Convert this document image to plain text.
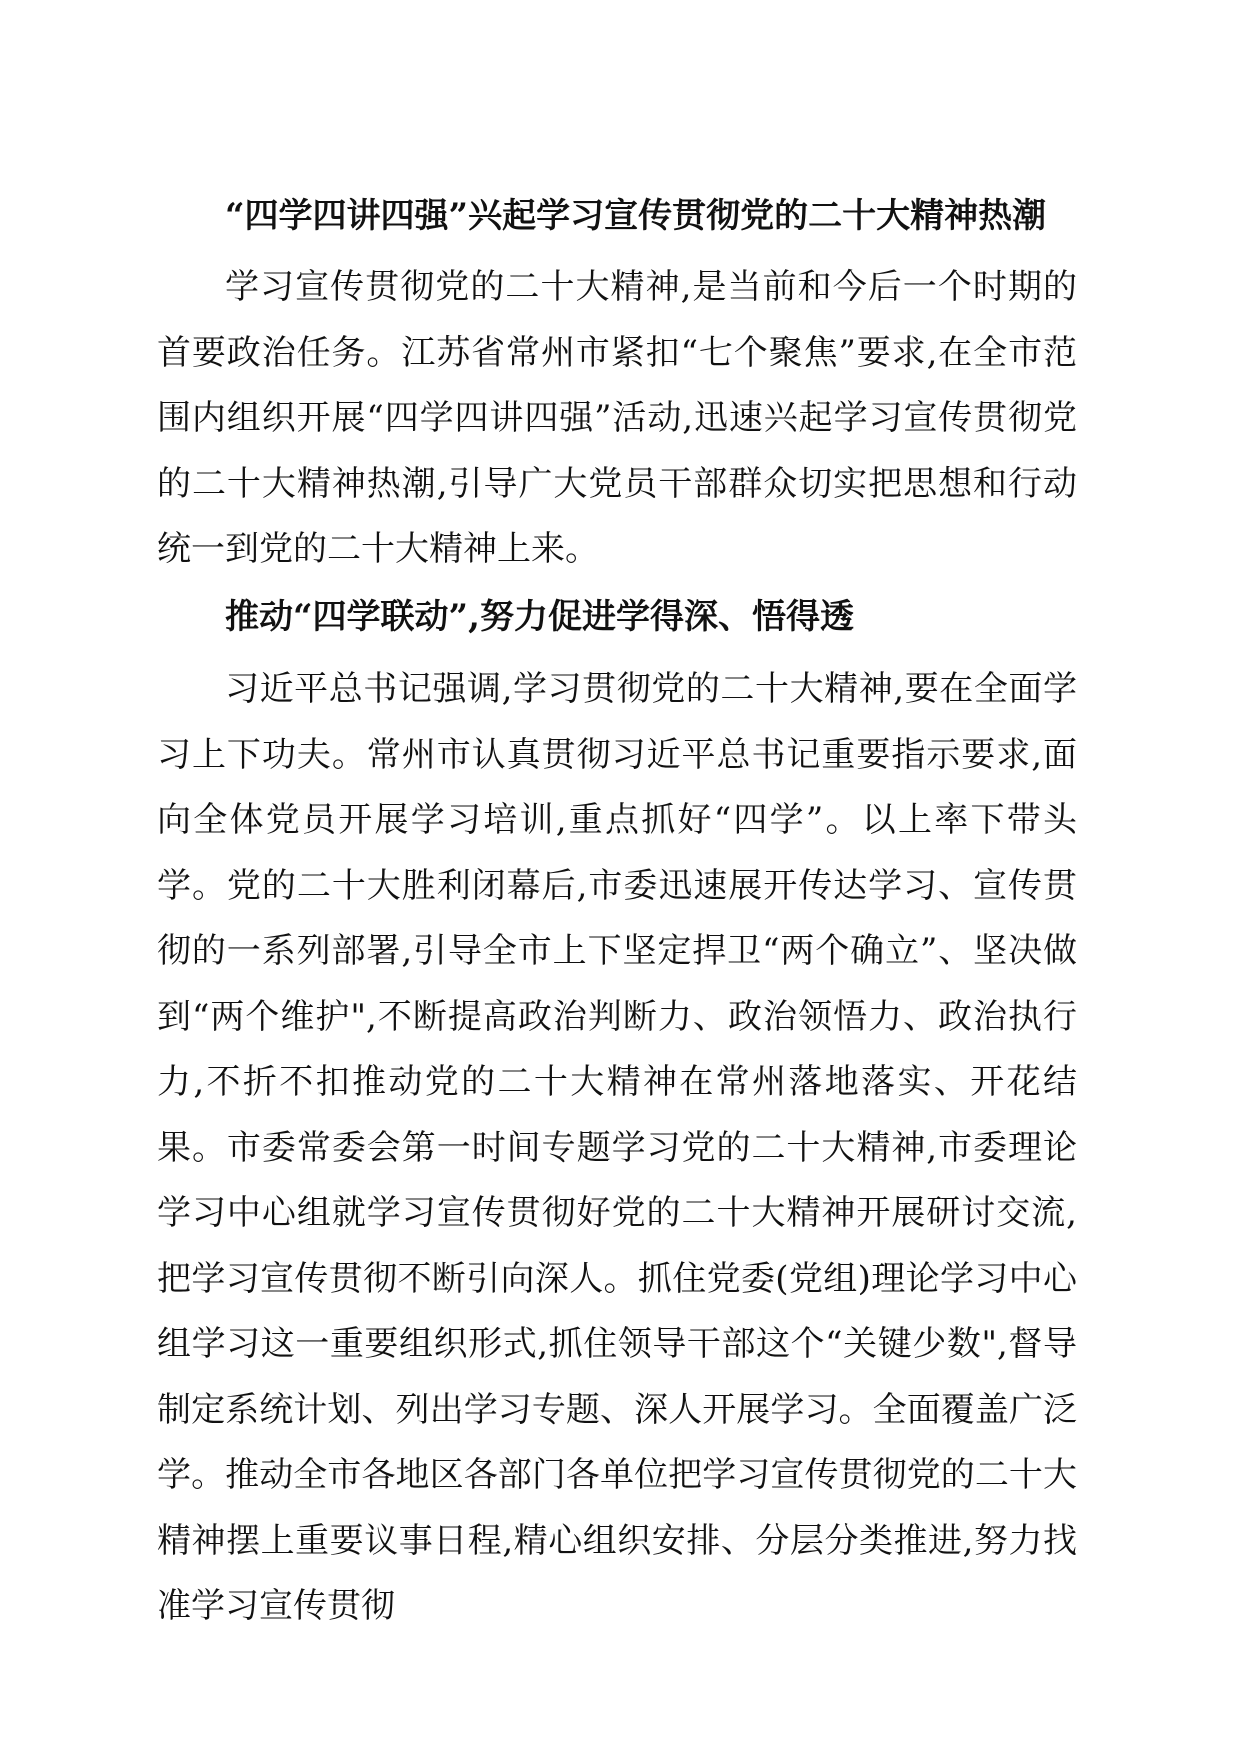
“四学四讲四强”兴起学习宣传贯彻党的二十大精神热潮

学习宣传贯彻党的二十大精神,是当前和今后一个时期的首要政治任务。江苏省常州市紧扣“七个聚焦”要求,在全市范围内组织开展“四学四讲四强”活动,迅速兴起学习宣传贯彻党的二十大精神热潮,引导广大党员干部群众切实把思想和行动统一到党的二十大精神上来。

推动“四学联动”,努力促进学得深、悟得透

习近平总书记强调,学习贯彻党的二十大精神,要在全面学习上下功夫。常州市认真贯彻习近平总书记重要指示要求,面向全体党员开展学习培训,重点抓好“四学”。以上率下带头学。党的二十大胜利闭幕后,市委迅速展开传达学习、宣传贯彻的一系列部署,引导全市上下坚定捍卫“两个确立”、坚决做到“两个维护",不断提高政治判断力、政治领悟力、政治执行力,不折不扣推动党的二十大精神在常州落地落实、开花结果。市委常委会第一时间专题学习党的二十大精神,市委理论学习中心组就学习宣传贯彻好党的二十大精神开展研讨交流,把学习宣传贯彻不断引向深人。抓住党委(党组)理论学习中心组学习这一重要组织形式,抓住领导干部这个“关键少数",督导制定系统计划、列出学习专题、深人开展学习。全面覆盖广泛学。推动全市各地区各部门各单位把学习宣传贯彻党的二十大精神摆上重要议事日程,精心组织安排、分层分类推进,努力找准学习宣传贯彻
